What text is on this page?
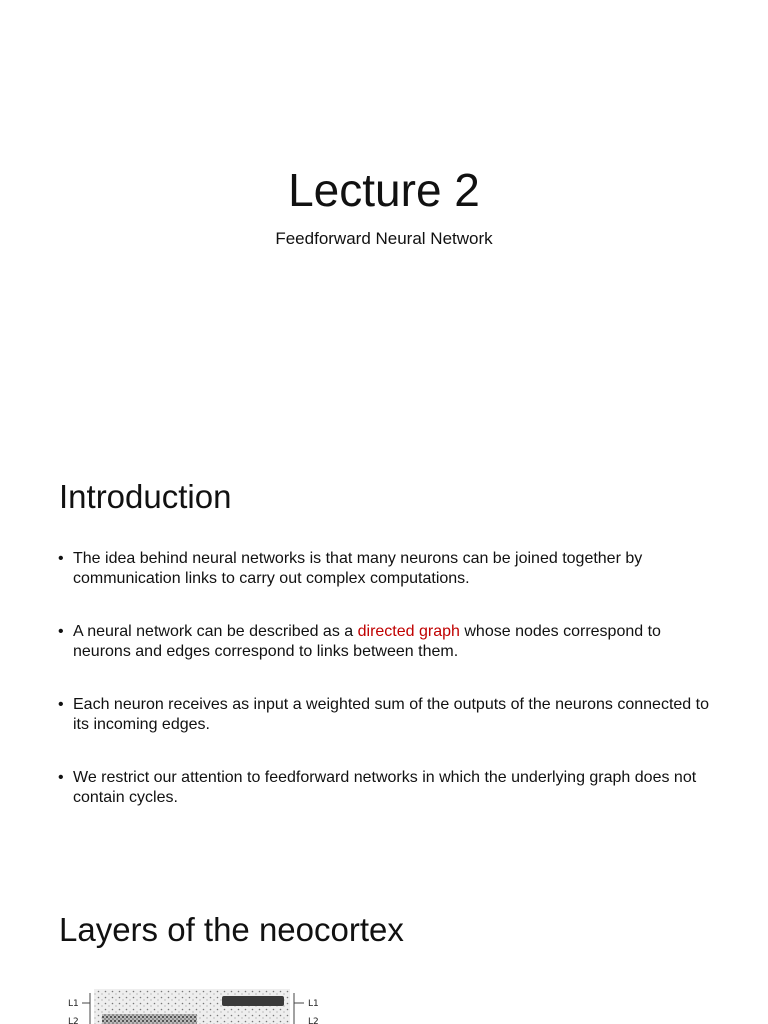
Lecture 2

Feedforward Neural Network

Introduction
• The idea behind neural networks is that many neurons can be joined together by communication links to carry out complex computations.
• A neural network can be described as a directed graph whose nodes correspond to neurons and edges correspond to links between them.
• Each neuron receives as input a weighted sum of the outputs of the neurons connected to its incoming edges.
• We restrict our attention to feedforward networks in which the underlying graph does not contain cycles.
Layers of the neocortex
L1
L2
L1
L2
